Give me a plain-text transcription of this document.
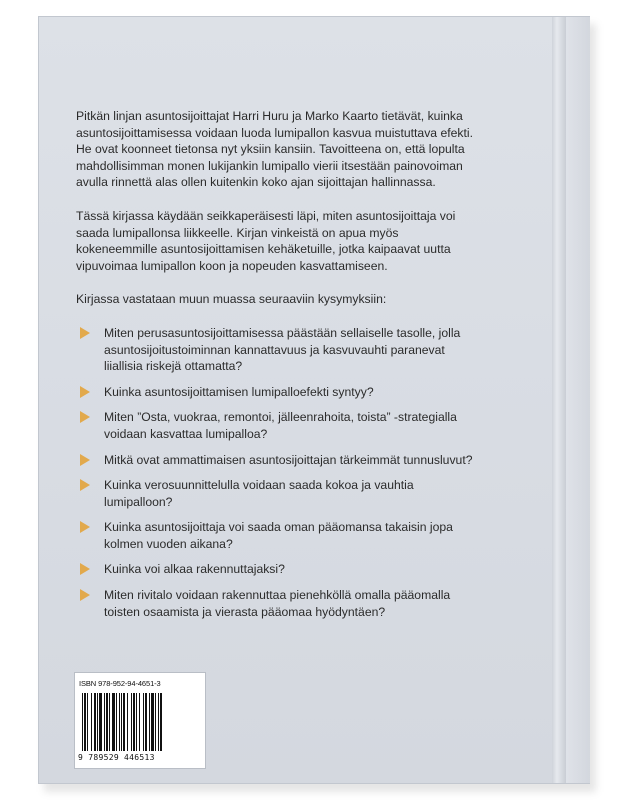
Pitkän linjan asuntosijoittajat Harri Huru ja Marko Kaarto tietävät, kuinka asuntosijoittamisessa voidaan luoda lumipallon kasvua muistuttava efekti. He ovat koonneet tietonsa nyt yksiin kansiin. Tavoitteena on, että lopulta mahdollisimman monen lukijankin lumipallo vierii itsestään painovoiman avulla rinnettä alas ollen kuitenkin koko ajan sijoittajan hallinnassa.

Tässä kirjassa käydään seikkaperäisesti läpi, miten asuntosijoittaja voi saada lumipallonsa liikkeelle. Kirjan vinkeistä on apua myös kokeneemmille asuntosijoittamisen kehäketuille, jotka kaipaavat uutta vipuvoimaa lumipallon koon ja nopeuden kasvattamiseen.

Kirjassa vastataan muun muassa seuraaviin kysymyksiin:

Miten perusasuntosijoittamisessa päästään sellaiselle tasolle, jolla asuntosijoitustoiminnan kannattavuus ja kasvuvauhti paranevat liiallisia riskejä ottamatta?
Kuinka asuntosijoittamisen lumipalloefekti syntyy?
Miten ”Osta, vuokraa, remontoi, jälleenrahoita, toista” -strategialla voidaan kasvattaa lumipalloa?
Mitkä ovat ammattimaisen asuntosijoittajan tärkeimmät tunnusluvut?
Kuinka verosuunnittelulla voidaan saada kokoa ja vauhtia lumipalloon?
Kuinka asuntosijoittaja voi saada oman pääomansa takaisin jopa kolmen vuoden aikana?
Kuinka voi alkaa rakennuttajaksi?
Miten rivitalo voidaan rakennuttaa pienehköllä omalla pääomalla toisten osaamista ja vierasta pääomaa hyödyntäen?
ISBN 978-952-94-4651-3
9 789529 446513
